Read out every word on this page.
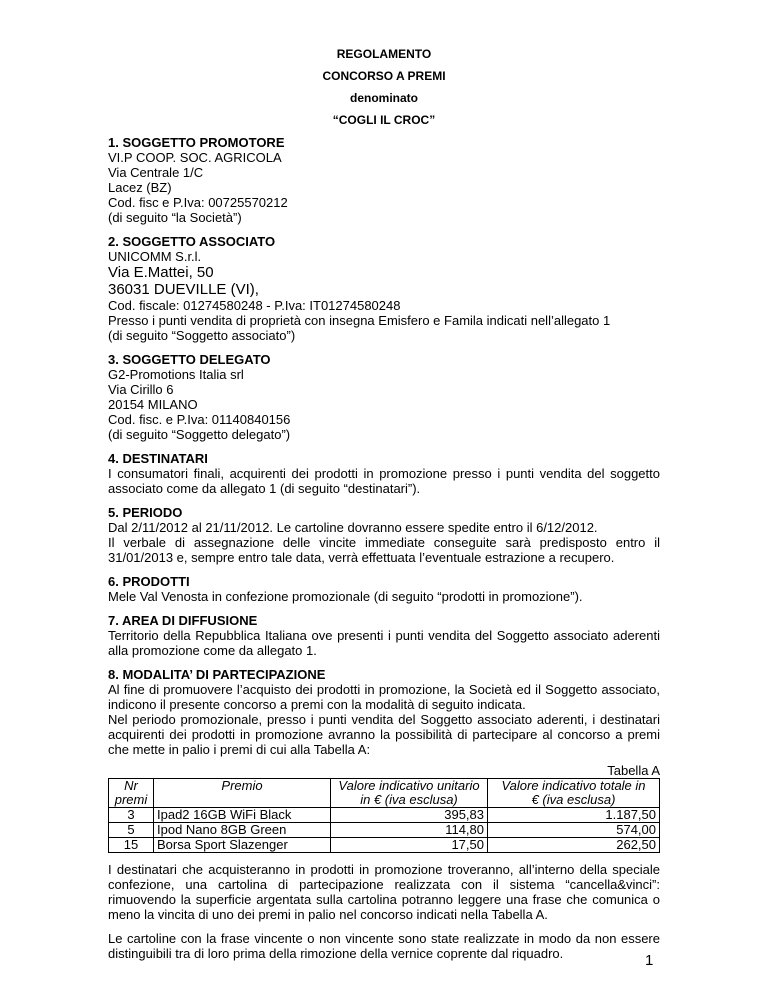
REGOLAMENTO
CONCORSO A PREMI
denominato
“COGLI IL CROC”
1. SOGGETTO PROMOTORE
VI.P COOP. SOC. AGRICOLA
Via Centrale 1/C
Lacez (BZ)
Cod. fisc e P.Iva: 00725570212
(di seguito “la Società”)
2. SOGGETTO ASSOCIATO
UNICOMM S.r.l.
Via E.Mattei, 50
36031 DUEVILLE (VI),
Cod. fiscale: 01274580248 - P.Iva: IT01274580248
Presso i punti vendita di proprietà con insegna Emisfero e Famila indicati nell’allegato 1
(di seguito “Soggetto associato”)
3. SOGGETTO DELEGATO
G2-Promotions Italia srl
Via Cirillo 6
20154 MILANO
Cod. fisc. e P.Iva: 01140840156
(di seguito “Soggetto delegato”)
4. DESTINATARI
I consumatori finali, acquirenti dei prodotti in promozione presso i punti vendita del soggetto
associato come da allegato 1 (di seguito “destinatari”).
5. PERIODO
Dal 2/11/2012 al 21/11/2012. Le cartoline dovranno essere spedite entro il 6/12/2012.
Il verbale di assegnazione delle vincite immediate conseguite sarà predisposto entro il
31/01/2013 e, sempre entro tale data, verrà effettuata l’eventuale estrazione a recupero.
6. PRODOTTI
Mele Val Venosta in confezione promozionale (di seguito “prodotti in promozione”).
7. AREA DI DIFFUSIONE
Territorio della Repubblica Italiana ove presenti i punti vendita del Soggetto associato aderenti
alla promozione come da allegato 1.
8. MODALITA’ DI PARTECIPAZIONE
Al fine di promuovere l’acquisto dei prodotti in promozione, la Società ed il Soggetto associato,
indicono il presente concorso a premi con la modalità di seguito indicata.
Nel periodo promozionale, presso i punti vendita del Soggetto associato aderenti, i destinatari
acquirenti dei prodotti in promozione avranno la possibilità di partecipare al concorso a premi
che mette in palio i premi di cui alla Tabella A:
Tabella A
Nr
premi	Premio	Valore indicativo unitario
in € (iva esclusa)	Valore indicativo totale in
€ (iva esclusa)
3	Ipad2 16GB WiFi Black	395,83	1.187,50
5	Ipod Nano 8GB Green	114,80	574,00
15	Borsa Sport Slazenger	17,50	262,50
I destinatari che acquisteranno in prodotti in promozione troveranno, all’interno della speciale
confezione, una cartolina di partecipazione realizzata con il sistema “cancella&vinci”:
rimuovendo la superficie argentata sulla cartolina potranno leggere una frase che comunica o
meno la vincita di uno dei premi in palio nel concorso indicati nella Tabella A.
Le cartoline con la frase vincente o non vincente sono state realizzate in modo da non essere
distinguibili tra di loro prima della rimozione della vernice coprente dal riquadro.	1
